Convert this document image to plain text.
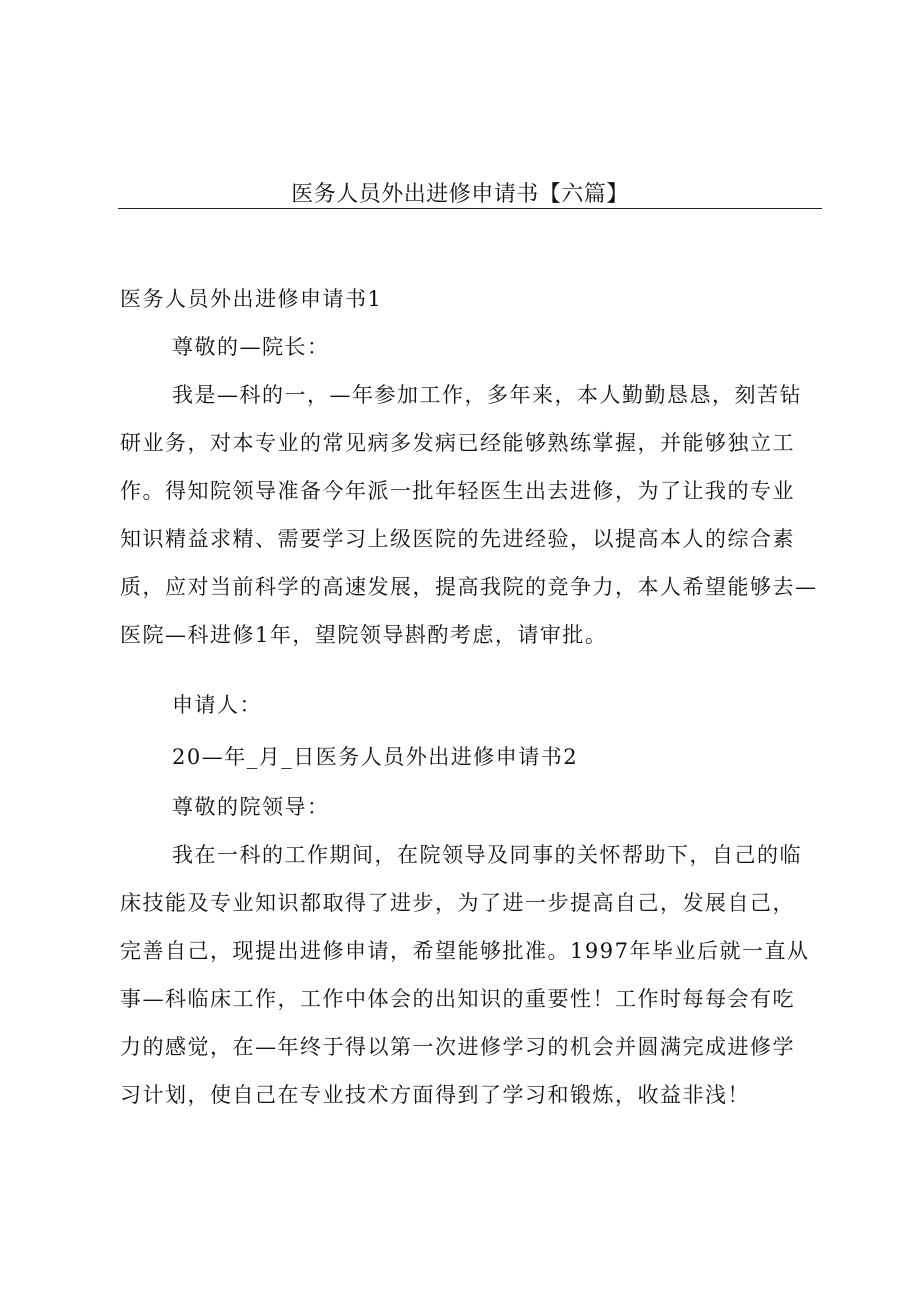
医务人员外出进修申请书【六篇】
医务人员外出进修申请书1
尊敬的—院长：
我是—科的一，—年参加工作，多年来，本人勤勤恳恳，刻苦钻
研业务，对本专业的常见病多发病已经能够熟练掌握，并能够独立工
作。得知院领导准备今年派一批年轻医生出去进修，为了让我的专业
知识精益求精、需要学习上级医院的先进经验，以提高本人的综合素
质，应对当前科学的高速发展，提高我院的竞争力，本人希望能够去—
医院—科进修1年，望院领导斟酌考虑，请审批。
申请人：
20—年_月_日医务人员外出进修申请书2
尊敬的院领导：
我在一科的工作期间，在院领导及同事的关怀帮助下，自己的临
床技能及专业知识都取得了进步，为了进一步提高自己，发展自己，
完善自己，现提出进修申请，希望能够批准。1997年毕业后就一直从
事—科临床工作，工作中体会的出知识的重要性！工作时每每会有吃
力的感觉，在—年终于得以第一次进修学习的机会并圆满完成进修学
习计划，使自己在专业技术方面得到了学习和锻炼，收益非浅！
